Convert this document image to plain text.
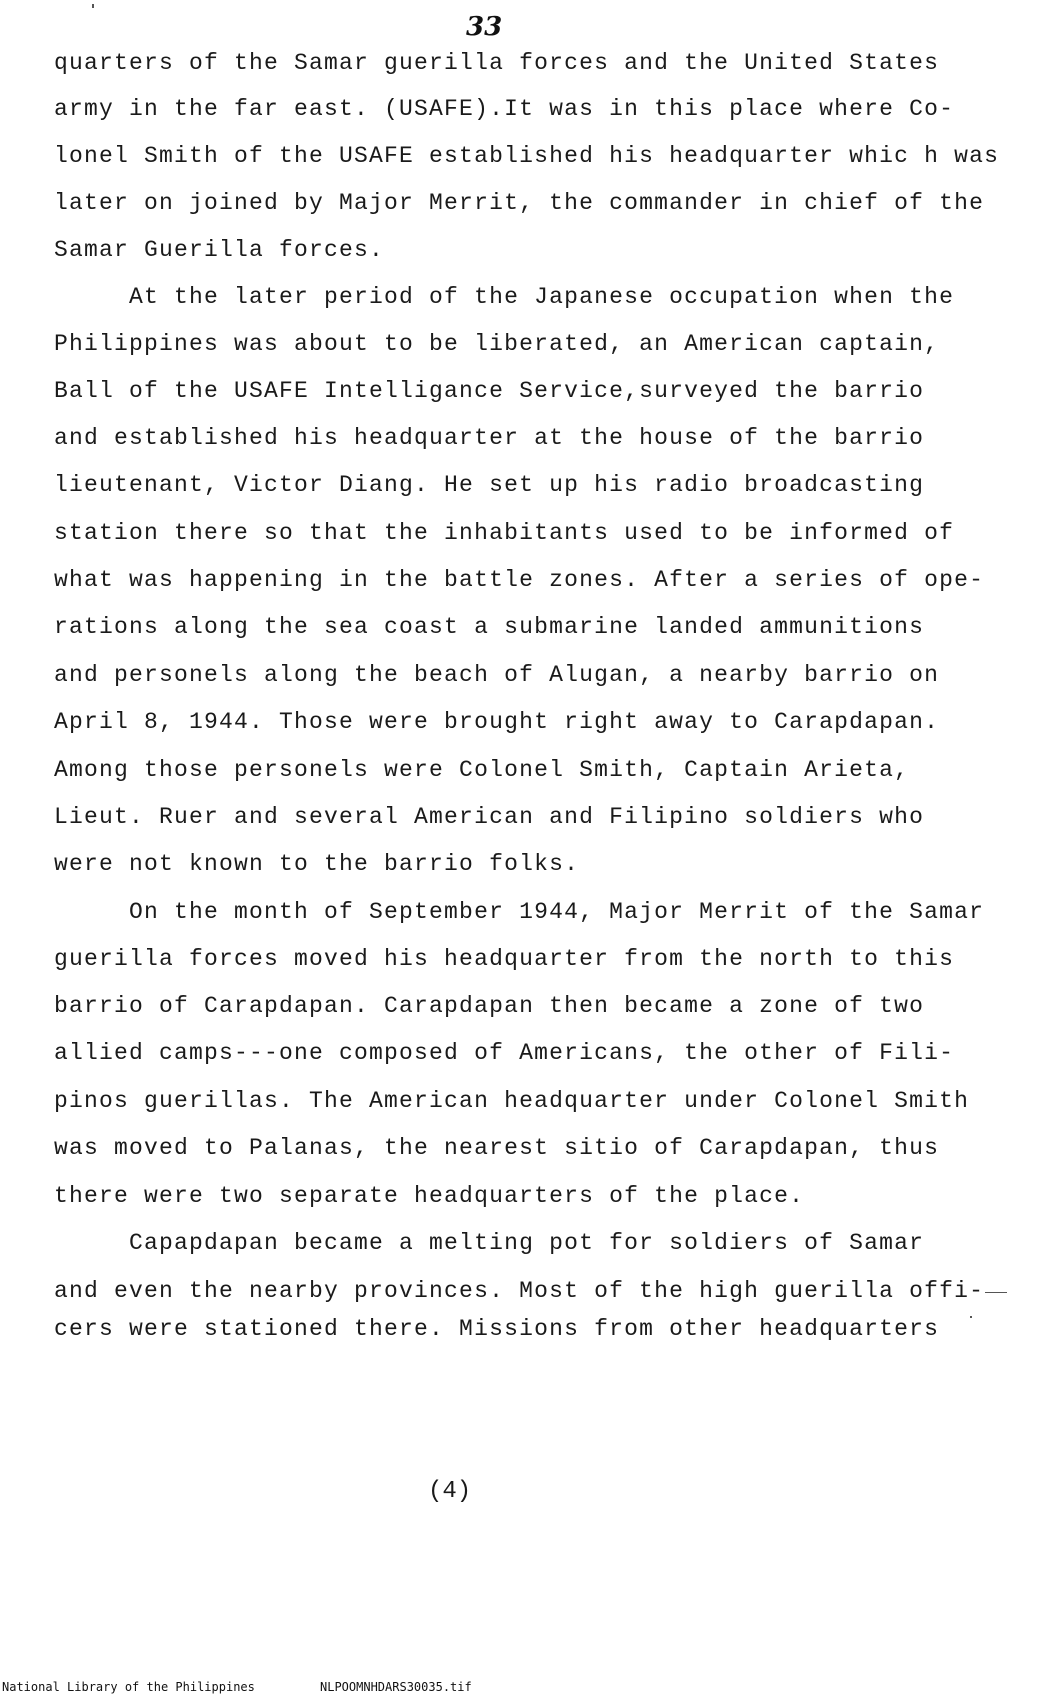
33
quarters of the Samar guerilla forces and the United States
army in the far east. (USAFE).It was in this place where Co-
lonel Smith of the USAFE established his headquarter whic h was
later on joined by Major Merrit, the commander in chief of the
Samar Guerilla forces.
At the later period of the Japanese occupation when the
Philippines was about to be liberated, an American captain,
Ball of the USAFE Intelligance Service,surveyed the barrio
and established his headquarter at the house of the barrio
lieutenant, Victor Diang. He set up his radio broadcasting
station there so that the inhabitants used to be informed of
what was happening in the battle zones. After a series of ope-
rations along the sea coast a submarine landed ammunitions
and personels along the beach of Alugan, a nearby barrio on
April 8, 1944. Those were brought right away to Carapdapan.
Among those personels were Colonel Smith, Captain Arieta,
Lieut. Ruer and several American and Filipino soldiers who
were not known to the barrio folks.
On the month of September 1944, Major Merrit of the Samar
guerilla forces moved his headquarter from the north to this
barrio of Carapdapan. Carapdapan then became a zone of two
allied camps---one composed of Americans, the other of Fili-
pinos guerillas. The American headquarter under Colonel Smith
was moved to Palanas, the nearest sitio of Carapdapan, thus
there were two separate headquarters of the place.
Capapdapan became a melting pot for soldiers of Samar
and even the nearby provinces. Most of the high guerilla offi-
cers were stationed there. Missions from other headquarters
(4)
National Library of the Philippines	NLPOOMNHDARS30035.tif
